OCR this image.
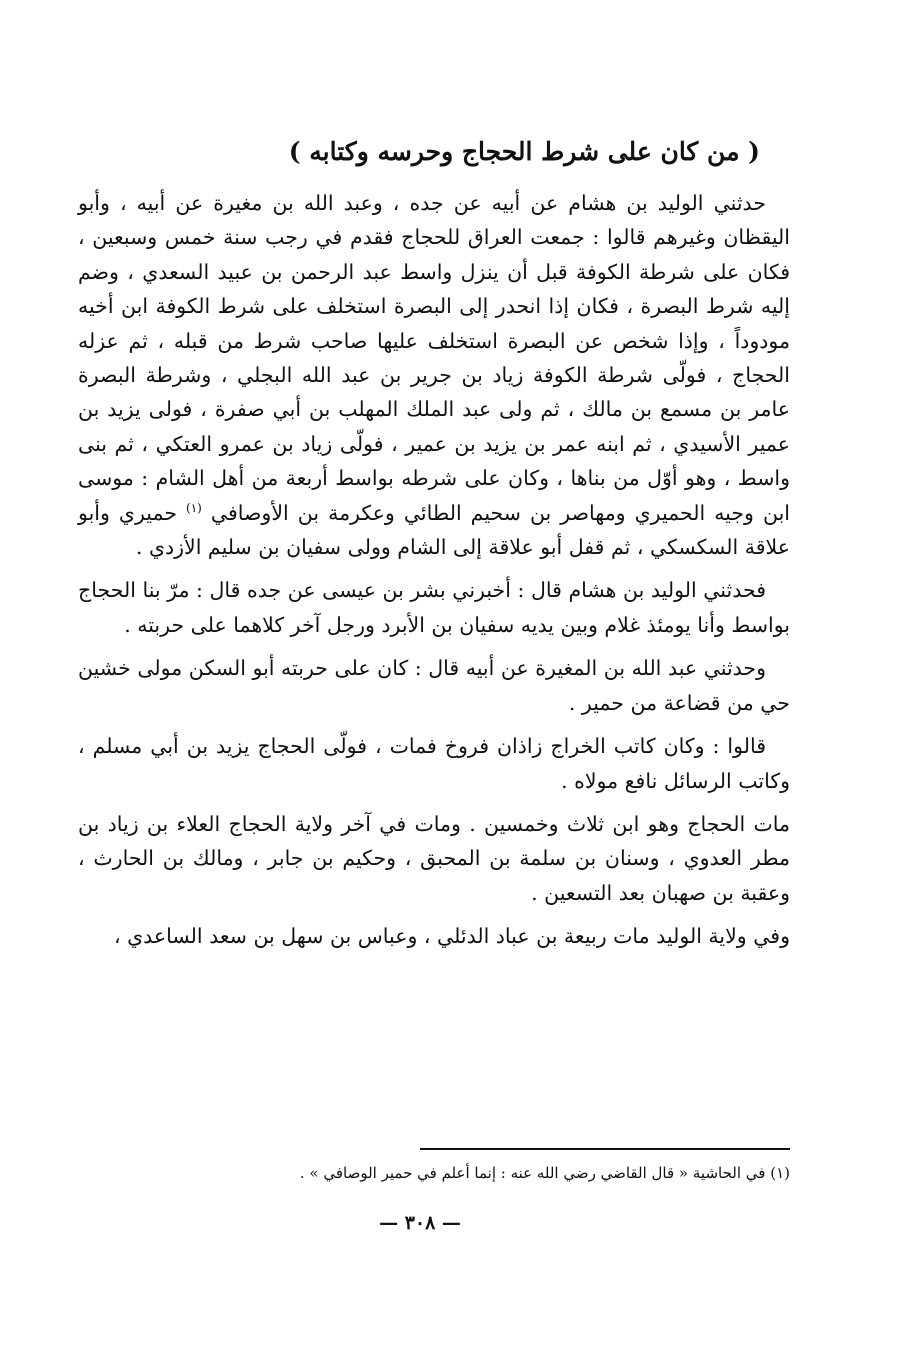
( من كان على شرط الحجاج وحرسه وكتابه )

حدثني الوليد بن هشام عن أبيه عن جده ، وعبد الله بن مغيرة عن أبيه ، وأبو اليقظان وغيرهم قالوا : جمعت العراق للحجاج فقدم في رجب سنة خمس وسبعين ، فكان على شرطة الكوفة قبل أن ينزل واسط عبد الرحمن بن عبيد السعدي ، وضم إليه شرط البصرة ، فكان إذا انحدر إلى البصرة استخلف على شرط الكوفة ابن أخيه مودوداً ، وإذا شخص عن البصرة استخلف عليها صاحب شرط من قبله ، ثم عزله الحجاج ، فولّى شرطة الكوفة زياد بن جرير بن عبد الله البجلي ، وشرطة البصرة عامر بن مسمع بن مالك ، ثم ولى عبد الملك المهلب بن أبي صفرة ، فولى يزيد بن عمير الأسيدي ، ثم ابنه عمر بن يزيد بن عمير ، فولّى زياد بن عمرو العتكي ، ثم بنى واسط ، وهو أوّل من بناها ، وكان على شرطه بواسط أربعة من أهل الشام : موسى ابن وجيه الحميري ومهاصر بن سحيم الطائي وعكرمة بن الأوصافي $^{(١)}$ حميري وأبو علاقة السكسكي ، ثم قفل أبو علاقة إلى الشام وولى سفيان بن سليم الأزدي .

فحدثني الوليد بن هشام قال : أخبرني بشر بن عيسى عن جده قال : مرّ بنا الحجاج بواسط وأنا يومئذ غلام وبين يديه سفيان بن الأبرد ورجل آخر كلاهما على حربته .

وحدثني عبد الله بن المغيرة عن أبيه قال : كان على حربته أبو السكن مولى خشين حي من قضاعة من حمير .

قالوا : وكان كاتب الخراج زاذان فروخ فمات ، فولّى الحجاج يزيد بن أبي مسلم ، وكاتب الرسائل نافع مولاه .

مات الحجاج وهو ابن ثلاث وخمسين . ومات في آخر ولاية الحجاج العلاء بن زياد بن مطر العدوي ، وسنان بن سلمة بن المحبق ، وحكيم بن جابر ، ومالك بن الحارث ، وعقبة بن صهبان بعد التسعين .

وفي ولاية الوليد مات ربيعة بن عباد الدئلي ، وعباس بن سهل بن سعد الساعدي ،

(١) في الحاشية « قال القاضي رضي الله عنه : إنما أعلم في حمير الوصافي » .

— ٣٠٨ —
